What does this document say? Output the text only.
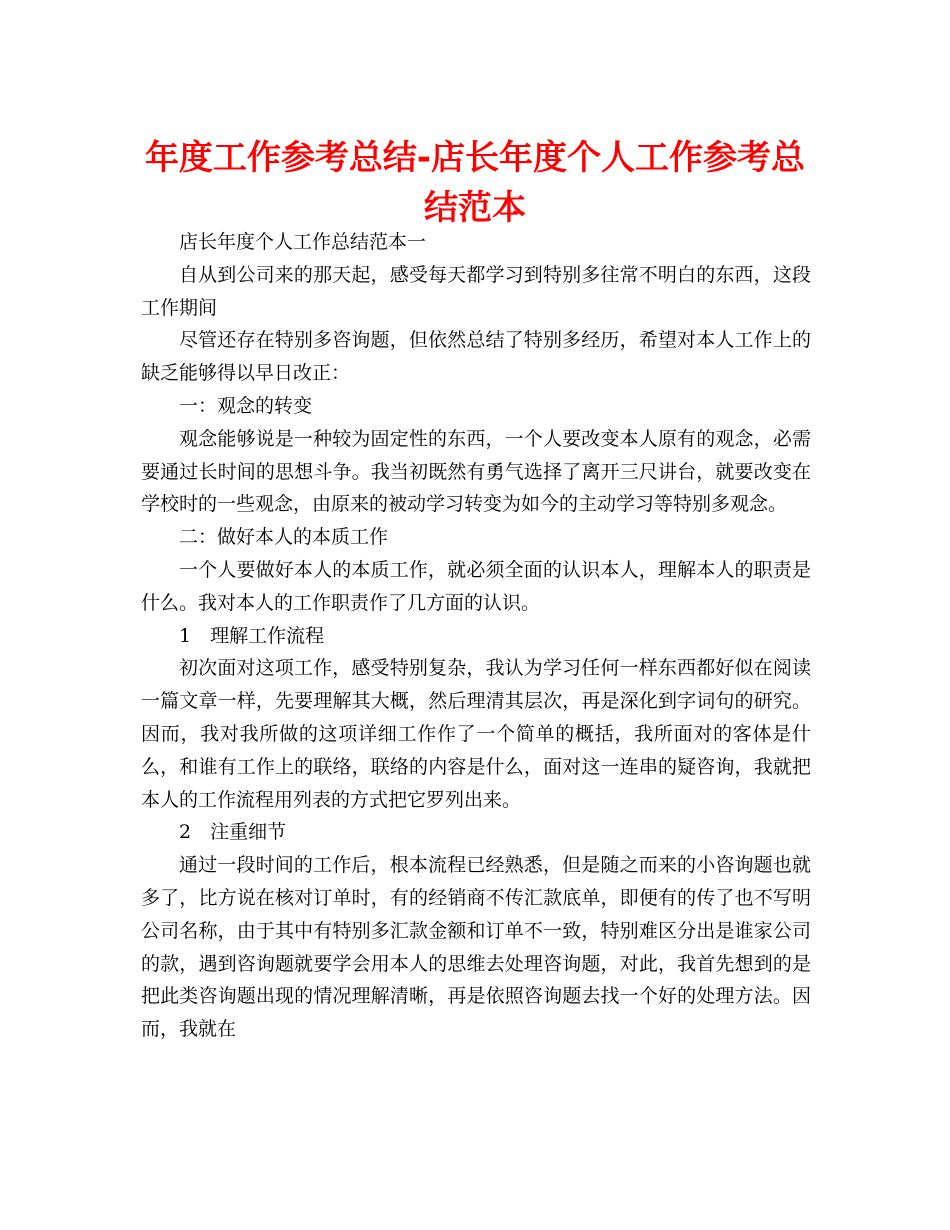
年度工作参考总结-店长年度个人工作参考总结范本

店长年度个人工作总结范本一

自从到公司来的那天起，感受每天都学习到特别多往常不明白的东西，这段工作期间

尽管还存在特别多咨询题，但依然总结了特别多经历，希望对本人工作上的缺乏能够得以早日改正：

一：观念的转变

观念能够说是一种较为固定性的东西，一个人要改变本人原有的观念，必需要通过长时间的思想斗争。我当初既然有勇气选择了离开三尺讲台，就要改变在学校时的一些观念，由原来的被动学习转变为如今的主动学习等特别多观念。

二：做好本人的本质工作

一个人要做好本人的本质工作，就必须全面的认识本人，理解本人的职责是什么。我对本人的工作职责作了几方面的认识。

1　理解工作流程

初次面对这项工作，感受特别复杂，我认为学习任何一样东西都好似在阅读一篇文章一样，先要理解其大概，然后理清其层次，再是深化到字词句的研究。因而，我对我所做的这项详细工作作了一个简单的概括，我所面对的客体是什么，和谁有工作上的联络，联络的内容是什么，面对这一连串的疑咨询，我就把本人的工作流程用列表的方式把它罗列出来。

2　注重细节

通过一段时间的工作后，根本流程已经熟悉，但是随之而来的小咨询题也就多了，比方说在核对订单时，有的经销商不传汇款底单，即便有的传了也不写明公司名称，由于其中有特别多汇款金额和订单不一致，特别难区分出是谁家公司的款，遇到咨询题就要学会用本人的思维去处理咨询题，对此，我首先想到的是把此类咨询题出现的情况理解清晰，再是依照咨询题去找一个好的处理方法。因而，我就在
